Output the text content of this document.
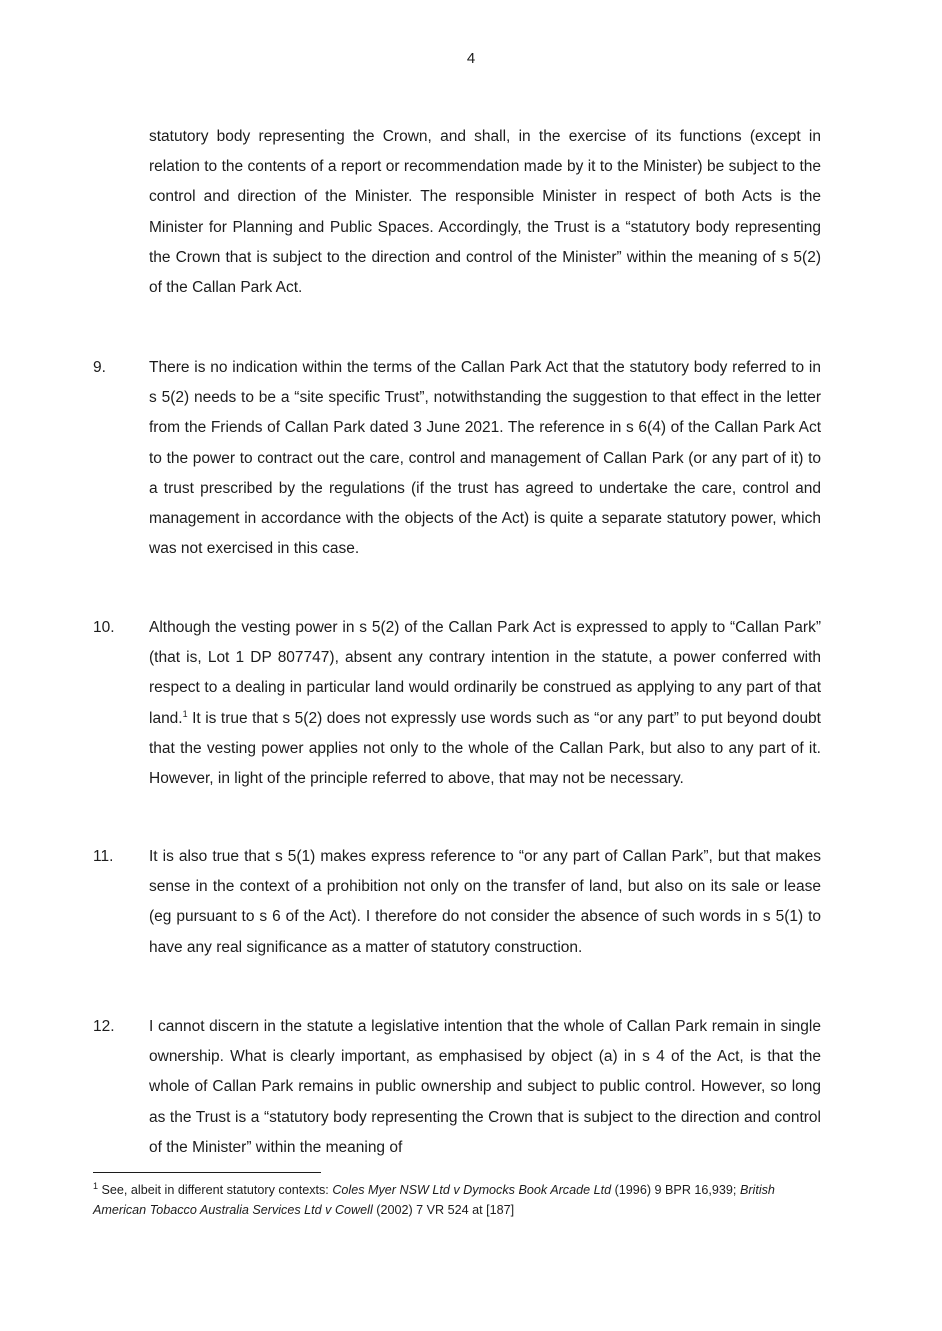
4

statutory body representing the Crown, and shall, in the exercise of its functions (except in relation to the contents of a report or recommendation made by it to the Minister) be subject to the control and direction of the Minister. The responsible Minister in respect of both Acts is the Minister for Planning and Public Spaces. Accordingly, the Trust is a “statutory body representing the Crown that is subject to the direction and control of the Minister” within the meaning of s 5(2) of the Callan Park Act.

9.	There is no indication within the terms of the Callan Park Act that the statutory body referred to in s 5(2) needs to be a “site specific Trust”, notwithstanding the suggestion to that effect in the letter from the Friends of Callan Park dated 3 June 2021. The reference in s 6(4) of the Callan Park Act to the power to contract out the care, control and management of Callan Park (or any part of it) to a trust prescribed by the regulations (if the trust has agreed to undertake the care, control and management in accordance with the objects of the Act) is quite a separate statutory power, which was not exercised in this case.

10. Although the vesting power in s 5(2) of the Callan Park Act is expressed to apply to “Callan Park” (that is, Lot 1 DP 807747), absent any contrary intention in the statute, a power conferred with respect to a dealing in particular land would ordinarily be construed as applying to any part of that land.$^1$ It is true that s 5(2) does not expressly use words such as “or any part” to put beyond doubt that the vesting power applies not only to the whole of the Callan Park, but also to any part of it. However, in light of the principle referred to above, that may not be necessary.

11. It is also true that s 5(1) makes express reference to “or any part of Callan Park”, but that makes sense in the context of a prohibition not only on the transfer of land, but also on its sale or lease (eg pursuant to s 6 of the Act). I therefore do not consider the absence of such words in s 5(1) to have any real significance as a matter of statutory construction.

12. I cannot discern in the statute a legislative intention that the whole of Callan Park remain in single ownership. What is clearly important, as emphasised by object (a) in s 4 of the Act, is that the whole of Callan Park remains in public ownership and subject to public control. However, so long as the Trust is a “statutory body representing the Crown that is subject to the direction and control of the Minister” within the meaning of

$^1$ See, albeit in different statutory contexts: Coles Myer NSW Ltd v Dymocks Book Arcade Ltd (1996) 9 BPR 16,939; British American Tobacco Australia Services Ltd v Cowell (2002) 7 VR 524 at [187]
